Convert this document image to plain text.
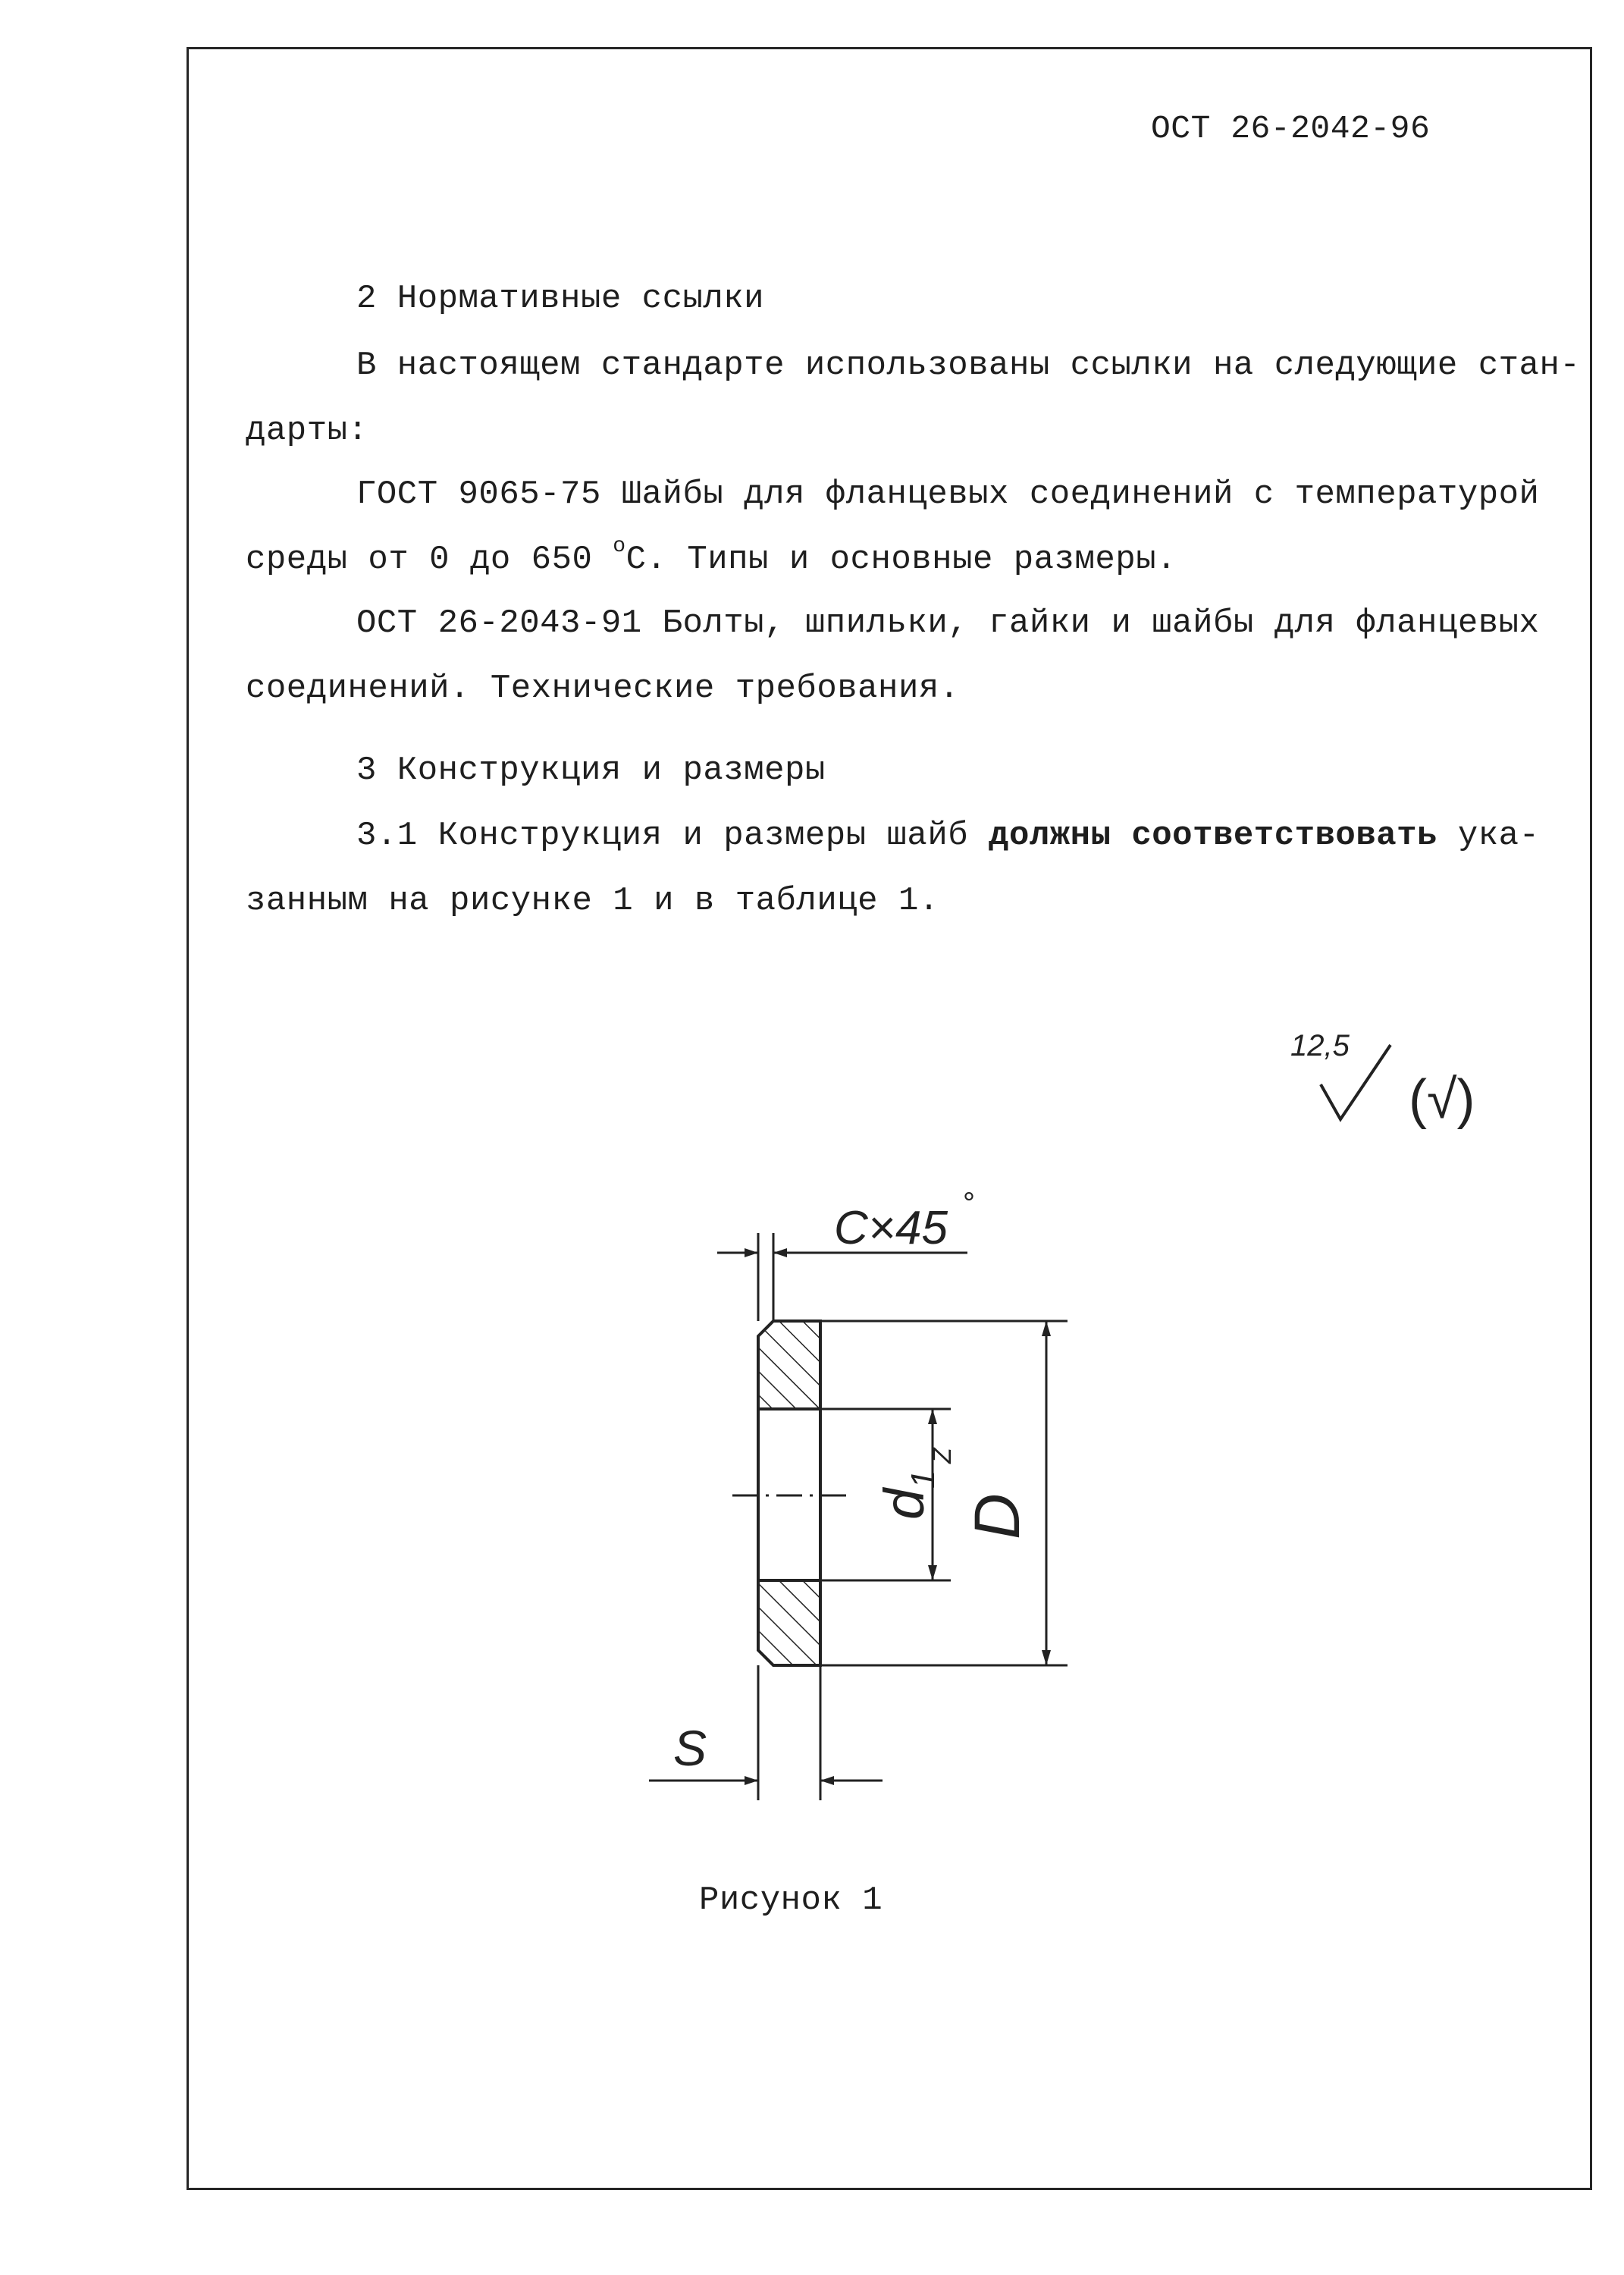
ОСТ 26-2042-96
2 Нормативные ссылки
В настоящем стандарте использованы ссылки на следующие стан-
дарты:
ГОСТ 9065-75 Шайбы для фланцевых соединений с температурой
среды от 0 до 650 $^о$С. Типы и основные размеры.
ОСТ 26-2043-91 Болты, шпильки, гайки и шайбы для фланцевых
соединений. Технические требования.
3 Конструкция и размеры
3.1 Конструкция и размеры шайб должны соответствовать ука-
занным на рисунке 1 и в таблице 1.
12,5
(√)
C×45 °
D
d1
Z
S
Рисунок 1
